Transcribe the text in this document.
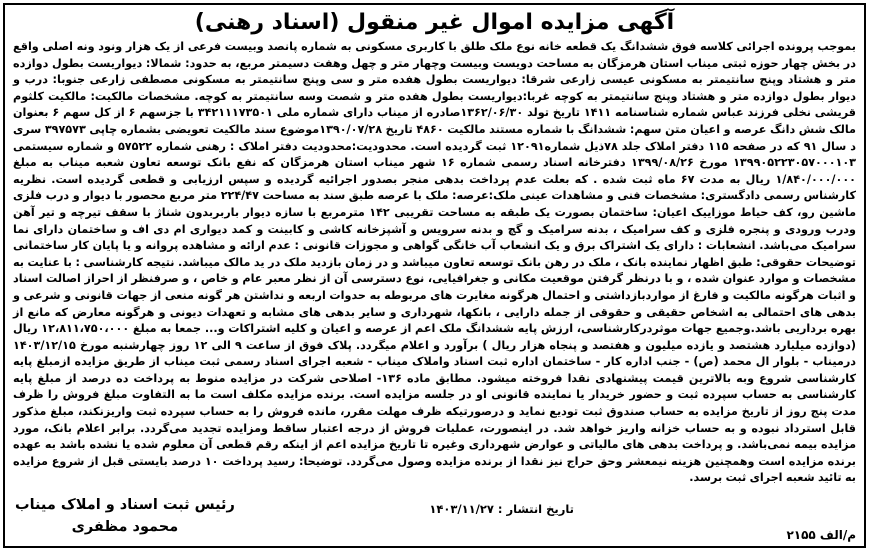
آگهی مزایده اموال غیر منقول (اسناد رهنی)
بموجب پرونده اجرائی کلاسه فوق ششدانگ یک قطعه خانه نوع ملک طلق با کاربری مسکونی به شماره پانصد وبیست فرعی از یک هزار ونود ونه اصلی واقع در بخش چهار حوزه ثبتی میناب استان هرمزگان به مساحت دویست وبیست وچهار متر و چهل وهفت دسیمتر مربع، به حدود: شمالا: دیواریست بطول دوازده متر و هشتاد وپنج سانتیمتر به مسکونی عیسی زارعی شرقا: دیواریست بطول هفده متر و سی وپنج سانتیمتر به مسکونی مصطفی زارعی جنوبا: درب و دیوار بطول دوازده متر و هشتاد وپنج سانتیمتر به کوچه غربا:دیواریست بطول هفده متر و شصت وسه سانتیمتر به کوچه. مشخصات مالکیت: مالکیت کلثوم قریشی نخلی فرزند عباس شماره شناسنامه ۱۴۱۱ تاریخ تولد ۱۳۶۲/۰۶/۳۰صادره از میناب دارای شماره ملی ۳۴۲۱۱۱۷۳۵۰۱ با جزسهم ۶ از کل سهم ۶ بعنوان مالک شش دانگ عرصه و اعیان متن سهم: ششدانگ با شماره مستند مالکیت ۴۸۶۰ تاریخ ۱۳۹۰/۰۷/۲۸موضوع سند مالکیت تعویضی بشماره چاپی ۳۹۷۵۷۳ سری د سال ۹۱ که در صفحه ۱۱۵ دفتر املاک جلد ۷۸ذیل شماره۱۲۰۹۱ ثبت گردیده است. محدودیت:محدودیت دفتر املاک : رهنی شماره ۵۷۵۲۲ و شماره سیستمی ۱۳۹۹۰۵۲۲۳۰۵۷۰۰۰۱۰۳ مورخ ۱۳۹۹/۰۸/۲۶ دفترخانه اسناد رسمی شماره ۱۶ شهر میناب استان هرمزگان که نفع بانک توسعه تعاون شعبه میناب به مبلغ ۱/۸۴۰/۰۰۰/۰۰۰ ریال به مدت ۶۷ ماه ثبت شده . که بعلت عدم پرداخت بدهی منجر بصدور اجرائیه گردیده و سپس ارزیابی و قطعی گردیده است. نظریه کارشناس رسمی دادگستری: مشخصات فنی و مشاهدات عینی ملک:عرصه: ملک با عرصه طبق سند به مساحت ۲۲۴/۴۷ متر مربع محصور با دیوار و درب فلزی ماشین رو، کف حیاط موزاییک اعیان: ساختمان بصورت یک طبقه به مساحت تقریبی ۱۴۲ مترمربع با سازه دیوار باربربدون شناژ با سقف تیرچه و تیر آهن ودرب ورودی و پنجره فلزی و کف سرامیک ، بدنه سرامیک و گچ و بدنه سرویس و آشپزخانه کاشی و کابینت و کمد دیواری ام دی اف و ساختمان دارای نما سرامیک می‌باشد. انشعابات : دارای یک اشتراک برق و یک انشعاب آب خانگی گواهی و مجوزات قانونی : عدم ارائه و مشاهده پروانه و یا پایان کار ساختمانی توضیحات حقوقی: طبق اظهار نماینده بانک ، ملک در رهن بانک توسعه تعاون میباشد و در زمان بازدید ملک در ید مالک میباشد. نتیجه کارشناسی : با عنایت به مشخصات و موارد عنوان شده ، و با درنظر گرفتن موقعیت مکانی و جغرافیایی، نوع دسترسی آن از نظر معبر عام و خاص ، و صرفنظر از احراز اصالت اسناد و اثبات هرگونه مالکیت و فارغ از مواردبازداشتی و احتمال هرگونه مغایرت های مربوطه به حدوات اربعه و نداشتن هر گونه منعی از جهات قانونی و شرعی و بدهی های احتمالی به اشخاص حقیقی و حقوقی از جمله دارایی ، بانکها، شهرداری و سایر بدهی های مشابه و تعهدات دیونی و هرگونه معارض که مانع از بهره برداریی باشد.وجمیع جهات موثردرکارشناسی، ارزش پایه ششدانگ ملک اعم از عرصه و اعیان و کلیه اشتراکات و... جمعا به مبلغ ۱۲،۸۱۱،۷۵۰،۰۰۰ ریال (دوازده میلیارد هشتصد و یازده میلیون و هفتصد و پنجاه هزار ریال ) برآورد و اعلام میگردد. پلاک فوق از ساعت ۹ الی ۱۲ روز چهارشنبه مورخ ۱۴۰۳/۱۲/۱۵ درمیناب - بلوار ال محمد (ص) - جنب اداره کار - ساختمان اداره ثبت اسناد واملاک میناب - شعبه اجرای اسناد رسمی ثبت میناب از طریق مزایده ازمبلغ پایه کارشناسی شروع وبه بالاترین قیمت پیشنهادی نقدا فروخته میشود. مطابق ماده ۱۳۶- اصلاحی شرکت در مزایده منوط به پرداخت ده درصد از مبلغ پایه کارشناسی به حساب سپرده ثبت و حضور خریدار یا نماینده قانونی او در جلسه مزایده است. برنده مزایده مکلف است ما به التفاوت مبلغ فروش را ظرف مدت پنج روز از تاریخ مزایده به حساب صندوق ثبت تودیع نماید و درصورتیکه ظرف مهلت مقرر، مانده فروش را به حساب سپرده ثبت واریزنکند، مبلغ مذکور قابل استرداد نبوده و به حساب خزانه واریز خواهد شد. در اینصورت، عملیات فروش از درجه اعتبار ساقط ومزایده تجدید می‌گردد. برابر اعلام بانک، مورد مزایده بیمه نمی‌باشد. و پرداخت بدهی های مالیاتی و عوارض شهرداری وغیره تا تاریخ مزایده اعم از اینکه رقم قطعی آن معلوم شده یا نشده باشد به عهده برنده مزایده است وهمچنین هزینه نیمعشر وحق حراج نیز نقدا از برنده مزایده وصول می‌گردد. توضیحا: رسید پرداخت ۱۰ درصد بایستی قبل از شروع مزایده به تائید شعبه اجرای ثبت برسد.
تاریخ انتشار : ۱۴۰۳/۱۱/۲۷
رئیس ثبت اسناد و املاک میناب
محمود مظفری	م/الف ۲۱۵۵
